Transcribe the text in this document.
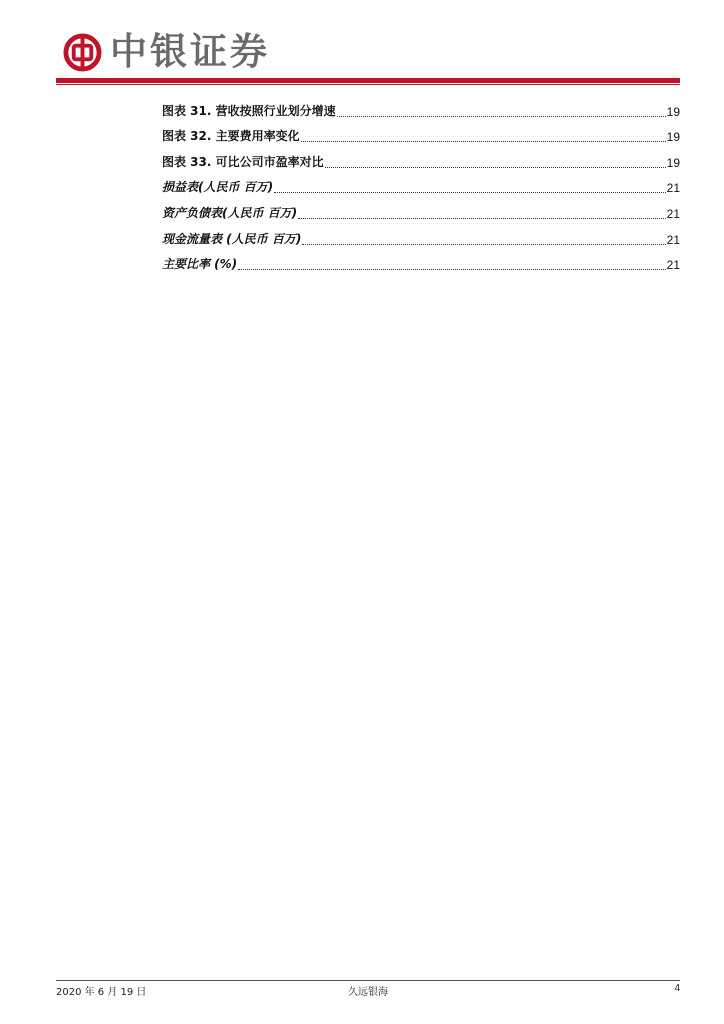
中银证券
图表 31. 营收按照行业划分增速	19
图表 32. 主要费用率变化	19
图表 33. 可比公司市盈率对比	19
损益表(人民币 百万)	21
资产负债表(人民币 百万)	21
现金流量表 (人民币 百万)	21
主要比率 (%)	21
2020 年 6 月 19 日	久远银海	4
